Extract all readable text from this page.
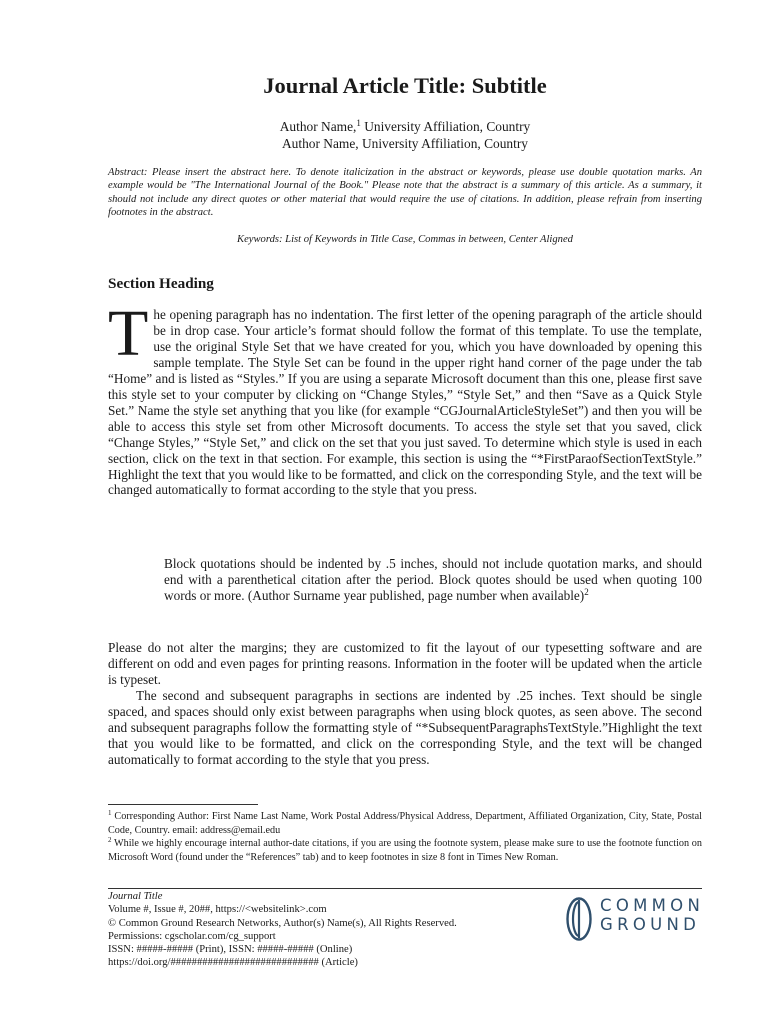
Journal Article Title: Subtitle
Author Name,$^1$ University Affiliation, Country
Author Name, University Affiliation, Country
Abstract: Please insert the abstract here. To denote italicization in the abstract or keywords, please use double quotation marks. An example would be "The International Journal of the Book." Please note that the abstract is a summary of this article. As a summary, it should not include any direct quotes or other material that would require the use of citations. In addition, please refrain from inserting footnotes in the abstract.
Keywords: List of Keywords in Title Case, Commas in between, Center Aligned
Section Heading

The opening paragraph has no indentation. The first letter of the opening paragraph of the article should be in drop case. Your article’s format should follow the format of this template. To use the template, use the original Style Set that we have created for you, which you have downloaded by opening this sample template. The Style Set can be found in the upper right hand corner of the page under the tab “Home” and is listed as “Styles.” If you are using a separate Microsoft document than this one, please first save this style set to your computer by clicking on “Change Styles,” “Style Set,” and then “Save as a Quick Style Set.” Name the style set anything that you like (for example “CGJournalArticleStyleSet”) and then you will be able to access this style set from other Microsoft documents. To access the style set that you saved, click “Change Styles,” “Style Set,” and click on the set that you just saved. To determine which style is used in each section, click on the text in that section. For example, this section is using the “*FirstParaofSectionTextStyle.” Highlight the text that you would like to be formatted, and click on the corresponding Style, and the text will be changed automatically to format according to the style that you press.

Block quotations should be indented by .5 inches, should not include quotation marks, and should end with a parenthetical citation after the period. Block quotes should be used when quoting 100 words or more. (Author Surname year published, page number when available)$^2$

Please do not alter the margins; they are customized to fit the layout of our typesetting software and are different on odd and even pages for printing reasons. Information in the footer will be updated when the article is typeset.

The second and subsequent paragraphs in sections are indented by .25 inches. Text should be single spaced, and spaces should only exist between paragraphs when using block quotes, as seen above. The second and subsequent paragraphs follow the formatting style of “*SubsequentParagraphsTextStyle.”Highlight the text that you would like to be formatted, and click on the corresponding Style, and the text will be changed automatically to format according to the style that you press.

$^1$ Corresponding Author: First Name Last Name, Work Postal Address/Physical Address, Department, Affiliated Organization, City, State, Postal Code, Country. email: address@email.edu

$^2$ While we highly encourage internal author-date citations, if you are using the footnote system, please make sure to use the footnote function on Microsoft Word (found under the “References” tab) and to keep footnotes in size 8 font in Times New Roman.

Journal Title
Volume #, Issue #, 20##, https://<websitelink>.com
© Common Ground Research Networks, Author(s) Name(s), All Rights Reserved.
Permissions: cgscholar.com/cg_support
ISSN: #####-##### (Print), ISSN: #####-##### (Online)
https://doi.org/############################ (Article)
COMMON
GROUND
